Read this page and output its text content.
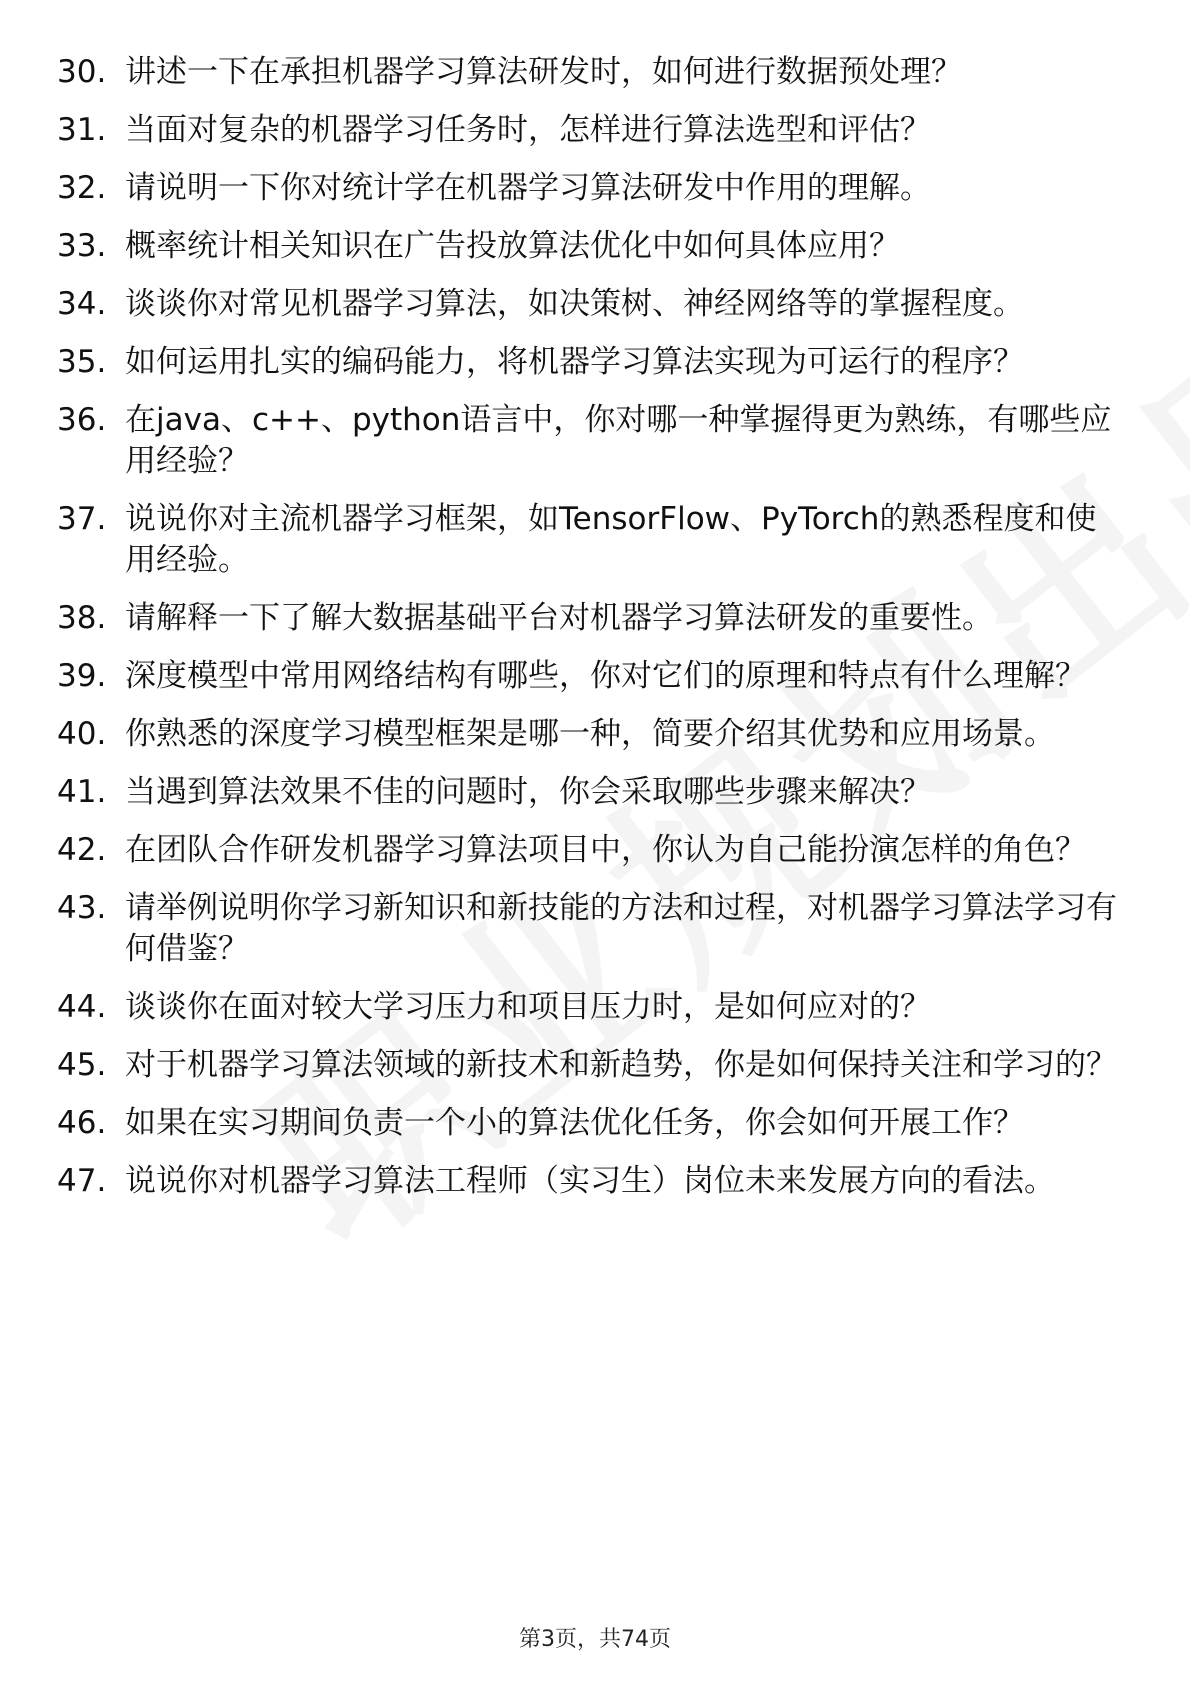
30. 讲述一下在承担机器学习算法研发时，如何进行数据预处理？
31. 当面对复杂的机器学习任务时，怎样进行算法选型和评估？
32. 请说明一下你对统计学在机器学习算法研发中作用的理解。
33. 概率统计相关知识在广告投放算法优化中如何具体应用？
34. 谈谈你对常见机器学习算法，如决策树、神经网络等的掌握程度。
35. 如何运用扎实的编码能力，将机器学习算法实现为可运行的程序？
36. 在java、c++、python语言中，你对哪一种掌握得更为熟练，有哪些应用经验？
37. 说说你对主流机器学习框架，如TensorFlow、PyTorch的熟悉程度和使用经验。
38. 请解释一下了解大数据基础平台对机器学习算法研发的重要性。
39. 深度模型中常用网络结构有哪些，你对它们的原理和特点有什么理解？
40. 你熟悉的深度学习模型框架是哪一种，简要介绍其优势和应用场景。
41. 当遇到算法效果不佳的问题时，你会采取哪些步骤来解决？
42. 在团队合作研发机器学习算法项目中，你认为自己能扮演怎样的角色？
43. 请举例说明你学习新知识和新技能的方法和过程，对机器学习算法学习有何借鉴？
44. 谈谈你在面对较大学习压力和项目压力时，是如何应对的？
45. 对于机器学习算法领域的新技术和新趋势，你是如何保持关注和学习的？
46. 如果在实习期间负责一个小的算法优化任务，你会如何开展工作？
47. 说说你对机器学习算法工程师（实习生）岗位未来发展方向的看法。
第3页，共74页
